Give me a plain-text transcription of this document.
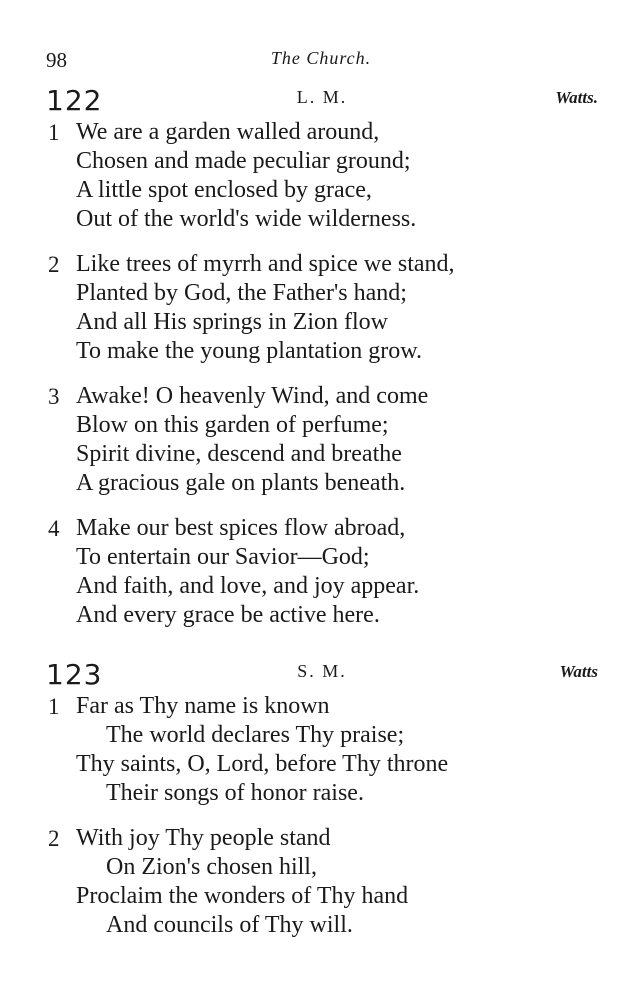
98	The Church.
122	L. M.	Watts.
1 We are a garden walled around,
Chosen and made peculiar ground;
A little spot enclosed by grace,
Out of the world's wide wilderness.
2 Like trees of myrrh and spice we stand,
Planted by God, the Father's hand;
And all His springs in Zion flow
To make the young plantation grow.
3 Awake! O heavenly Wind, and come
Blow on this garden of perfume;
Spirit divine, descend and breathe
A gracious gale on plants beneath.
4 Make our best spices flow abroad,
To entertain our Savior—God;
And faith, and love, and joy appear.
And every grace be active here.
123	S. M.	Watts
1 Far as Thy name is known
The world declares Thy praise;
Thy saints, O, Lord, before Thy throne
Their songs of honor raise.
2 With joy Thy people stand
On Zion's chosen hill,
Proclaim the wonders of Thy hand
And councils of Thy will.
